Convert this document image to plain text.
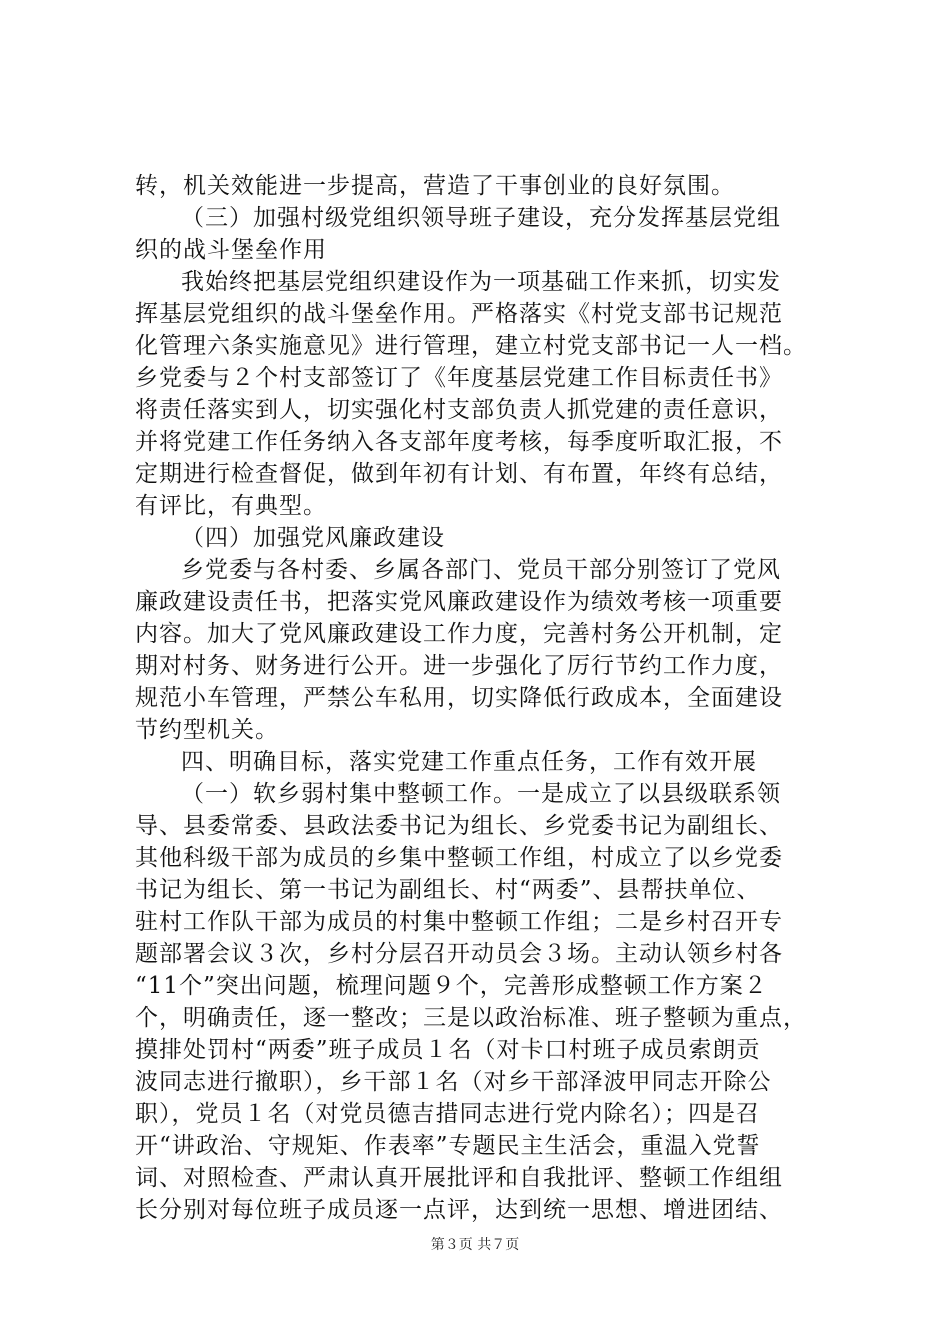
转，机关效能进一步提高，营造了干事创业的良好氛围。
（三）加强村级党组织领导班子建设，充分发挥基层党组
织的战斗堡垒作用
我始终把基层党组织建设作为一项基础工作来抓，切实发
挥基层党组织的战斗堡垒作用。严格落实《村党支部书记规范
化管理六条实施意见》进行管理，建立村党支部书记一人一档。
乡党委与２个村支部签订了《年度基层党建工作目标责任书》
将责任落实到人，切实强化村支部负责人抓党建的责任意识，
并将党建工作任务纳入各支部年度考核，每季度听取汇报，不
定期进行检查督促，做到年初有计划、有布置，年终有总结，
有评比，有典型。
（四）加强党风廉政建设
乡党委与各村委、乡属各部门、党员干部分别签订了党风
廉政建设责任书，把落实党风廉政建设作为绩效考核一项重要
内容。加大了党风廉政建设工作力度，完善村务公开机制，定
期对村务、财务进行公开。进一步强化了厉行节约工作力度，
规范小车管理，严禁公车私用，切实降低行政成本，全面建设
节约型机关。
四、明确目标，落实党建工作重点任务，工作有效开展
（一）软乡弱村集中整顿工作。一是成立了以县级联系领
导、县委常委、县政法委书记为组长、乡党委书记为副组长、
其他科级干部为成员的乡集中整顿工作组，村成立了以乡党委
书记为组长、第一书记为副组长、村“两委”、县帮扶单位、
驻村工作队干部为成员的村集中整顿工作组；二是乡村召开专
题部署会议３次，乡村分层召开动员会３场。主动认领乡村各
“11个”突出问题，梳理问题９个，完善形成整顿工作方案２
个，明确责任，逐一整改；三是以政治标准、班子整顿为重点，
摸排处罚村“两委”班子成员１名（对卡口村班子成员索朗贡
波同志进行撤职），乡干部１名（对乡干部泽波甲同志开除公
职），党员１名（对党员德吉措同志进行党内除名）；四是召
开“讲政治、守规矩、作表率”专题民主生活会，重温入党誓
词、对照检查、严肃认真开展批评和自我批评、整顿工作组组
长分别对每位班子成员逐一点评，达到统一思想、增进团结、
第３页 共７页
